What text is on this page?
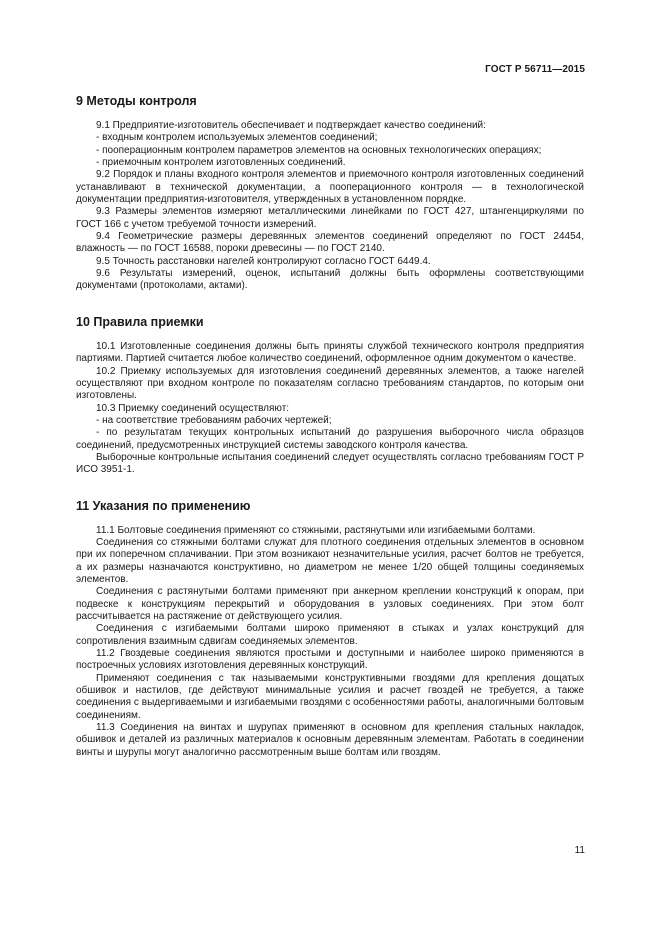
ГОСТ Р 56711—2015
9 Методы контроля

9.1 Предприятие-изготовитель обеспечивает и подтверждает качество соединений:

- входным контролем используемых элементов соединений;

- пооперационным контролем параметров элементов на основных технологических операциях;

- приемочным контролем изготовленных соединений.

9.2 Порядок и планы входного контроля элементов и приемочного контроля изготовленных соединений устанавливают в технической документации, а пооперационного контроля — в технологической документации предприятия-изготовителя, утвержденных в установленном порядке.

9.3 Размеры элементов измеряют металлическими линейками по ГОСТ 427, штангенциркулями по ГОСТ 166 с учетом требуемой точности измерений.

9.4 Геометрические размеры деревянных элементов соединений определяют по ГОСТ 24454, влажность — по ГОСТ 16588, пороки древесины — по ГОСТ 2140.

9.5 Точность расстановки нагелей контролируют согласно ГОСТ 6449.4.

9.6 Результаты измерений, оценок, испытаний должны быть оформлены соответствующими документами (протоколами, актами).

10 Правила приемки

10.1 Изготовленные соединения должны быть приняты службой технического контроля предприятия партиями. Партией считается любое количество соединений, оформленное одним документом о качестве.

10.2 Приемку используемых для изготовления соединений деревянных элементов, а также нагелей осуществляют при входном контроле по показателям согласно требованиям стандартов, по которым они изготовлены.

10.3 Приемку соединений осуществляют:

- на соответствие требованиям рабочих чертежей;

- по результатам текущих контрольных испытаний до разрушения выборочного числа образцов соединений, предусмотренных инструкцией системы заводского контроля качества.

Выборочные контрольные испытания соединений следует осуществлять согласно требованиям ГОСТ Р ИСО 3951-1.

11 Указания по применению

11.1 Болтовые соединения применяют со стяжными, растянутыми или изгибаемыми болтами.

Соединения со стяжными болтами служат для плотного соединения отдельных элементов в основном при их поперечном сплачивании. При этом возникают незначительные усилия, расчет болтов не требуется, а их размеры назначаются конструктивно, но диаметром не менее 1/20 общей толщины соединяемых элементов.

Соединения с растянутыми болтами применяют при анкерном креплении конструкций к опорам, при подвеске к конструкциям перекрытий и оборудования в узловых соединениях. При этом болт рассчитывается на растяжение от действующего усилия.

Соединения с изгибаемыми болтами широко применяют в стыках и узлах конструкций для сопротивления взаимным сдвигам соединяемых элементов.

11.2 Гвоздевые соединения являются простыми и доступными и наиболее широко применяются в построечных условиях изготовления деревянных конструкций.

Применяют соединения с так называемыми конструктивными гвоздями для крепления дощатых обшивок и настилов, где действуют минимальные усилия и расчет гвоздей не требуется, а также соединения с выдергиваемыми и изгибаемыми гвоздями с особенностями работы, аналогичными болтовым соединениям.

11.3 Соединения на винтах и шурупах применяют в основном для крепления стальных накладок, обшивок и деталей из различных материалов к основным деревянным элементам. Работать в соединении винты и шурупы могут аналогично рассмотренным выше болтам или гвоздям.

11
